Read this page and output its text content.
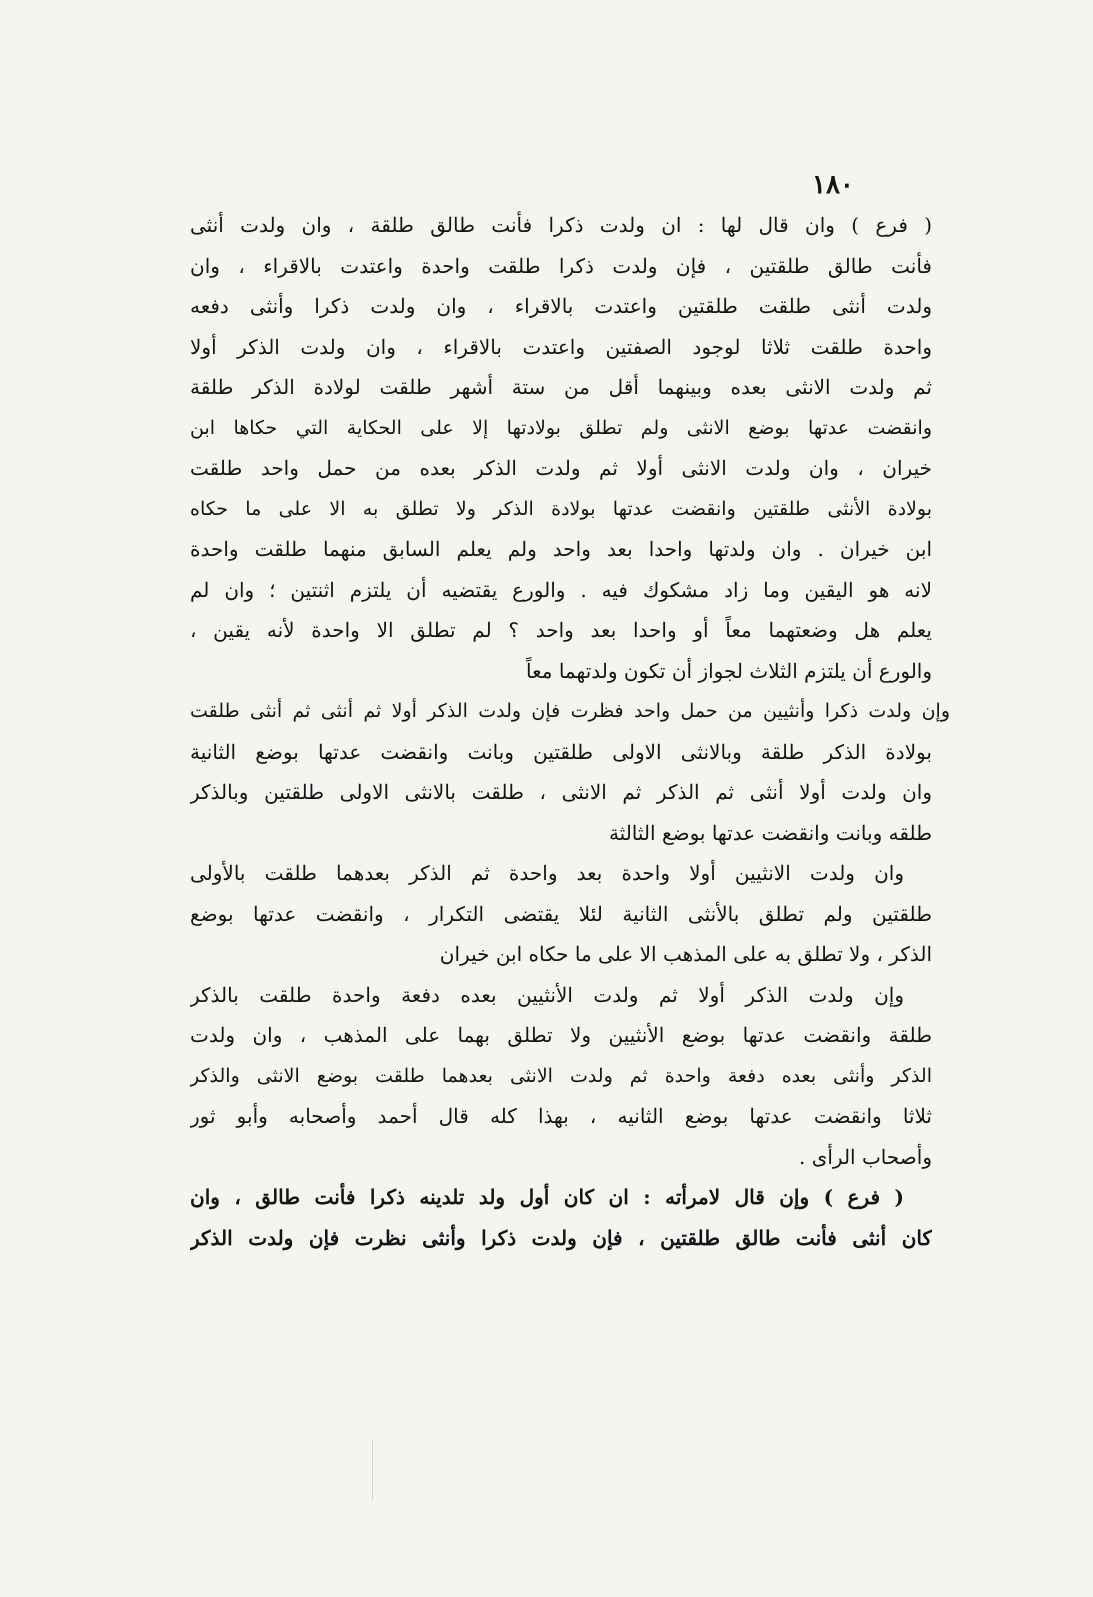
١٨٠
( فرع ) وان قال لها : ان ولدت ذكرا فأنت طالق طلقة ، وان ولدت أنثى
فأنت طالق طلقتين ، فإن ولدت ذكرا طلقت واحدة واعتدت بالاقراء ، وان
ولدت أنثى طلقت طلقتين واعتدت بالاقراء ، وان ولدت ذكرا وأنثى دفعه
واحدة طلقت ثلاثا لوجود الصفتين واعتدت بالاقراء ، وان ولدت الذكر أولا
ثم ولدت الانثى بعده وبينهما أقل من ستة أشهر طلقت لولادة الذكر طلقة
وانقضت عدتها بوضع الانثى ولم تطلق بولادتها إلا على الحكاية التي حكاها ابن
خيران ، وان ولدت الانثى أولا ثم ولدت الذكر بعده من حمل واحد طلقت
بولادة الأنثى طلقتين وانقضت عدتها بولادة الذكر ولا تطلق به الا على ما حكاه
ابن خيران . وان ولدتها واحدا بعد واحد ولم يعلم السابق منهما طلقت واحدة
لانه هو اليقين وما زاد مشكوك فيه . والورع يقتضيه أن يلتزم اثنتين ؛ وان لم
يعلم هل وضعتهما معاً أو واحدا بعد واحد ؟ لم تطلق الا واحدة لأنه يقين ،
والورع أن يلتزم الثلاث لجواز أن تكون ولدتهما معاً
وإن ولدت ذكرا وأنثيين من حمل واحد فظرت فإن ولدت الذكر أولا ثم أنثى ثم أنثى طلقت
بولادة الذكر طلقة وبالانثى الاولى طلقتين وبانت وانقضت عدتها بوضع الثانية
وان ولدت أولا أنثى ثم الذكر ثم الانثى ، طلقت بالانثى الاولى طلقتين وبالذكر
طلقه وبانت وانقضت عدتها بوضع الثالثة
وان ولدت الانثيين أولا واحدة بعد واحدة ثم الذكر بعدهما طلقت بالأولى
طلقتين ولم تطلق بالأنثى الثانية لئلا يقتضى التكرار ، وانقضت عدتها بوضع
الذكر ، ولا تطلق به على المذهب الا على ما حكاه ابن خيران
وإن ولدت الذكر أولا ثم ولدت الأنثيين بعده دفعة واحدة طلقت بالذكر
طلقة وانقضت عدتها بوضع الأنثيين ولا تطلق بهما على المذهب ، وان ولدت
الذكر وأنثى بعده دفعة واحدة ثم ولدت الانثى بعدهما طلقت بوضع الانثى والذكر
ثلاثا وانقضت عدتها بوضع الثانيه ، بهذا كله قال أحمد وأصحابه وأبو ثور
وأصحاب الرأى .
( فرع ) وإن قال لامرأته : ان كان أول ولد تلدينه ذكرا فأنت طالق ، وان
كان أنثى فأنت طالق طلقتين ، فإن ولدت ذكرا وأنثى نظرت فإن ولدت الذكر
